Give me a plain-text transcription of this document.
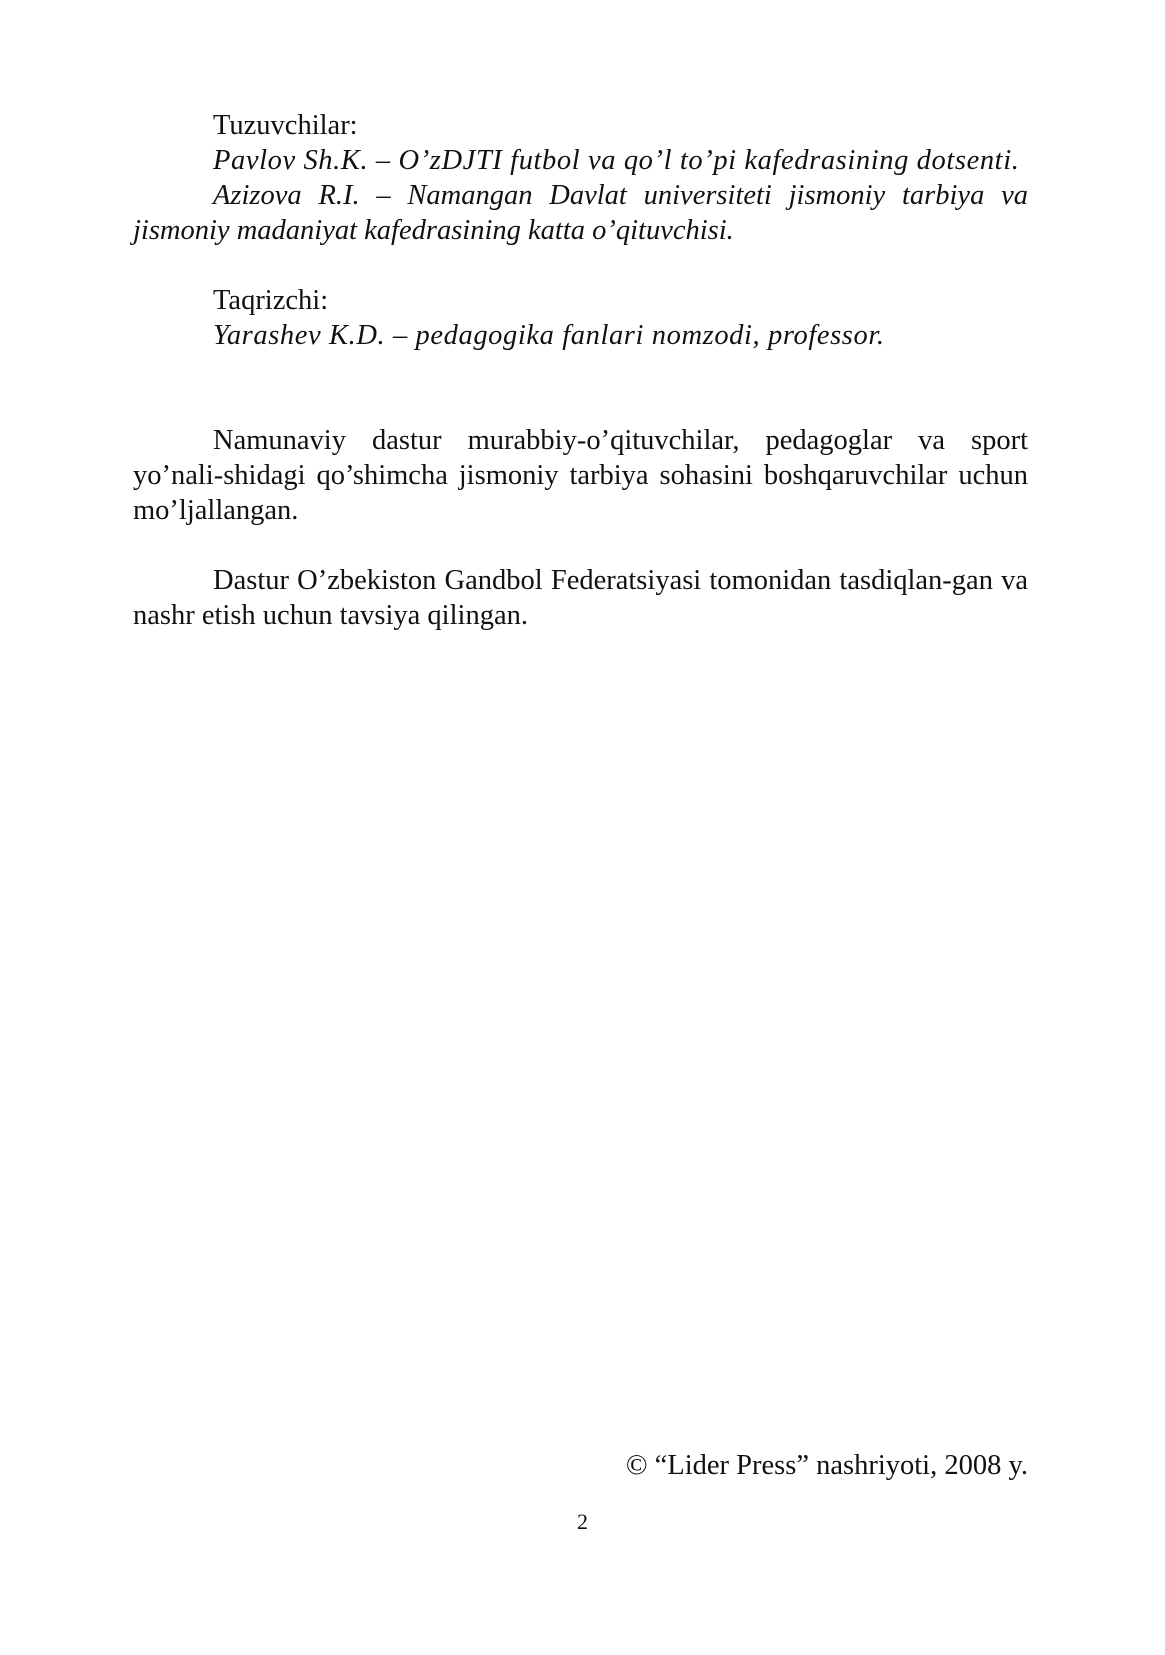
Tuzuvchilar:

Pavlov Sh.K. – O’zDJTI futbol va qo’l to’pi kafedrasining dotsenti.

Azizova R.I. – Namangan Davlat universiteti jismoniy tarbiya va jismoniy madaniyat kafedrasining katta o’qituvchisi.

Taqrizchi:

Yarashev K.D. – pedagogika fanlari nomzodi, professor.

Namunaviy dastur murabbiy-o’qituvchilar, pedagoglar va sport yo’nali-shidagi qo’shimcha jismoniy tarbiya sohasini boshqaruvchilar uchun mo’ljallangan.

Dastur O’zbekiston Gandbol Federatsiyasi tomonidan tasdiqlan-gan va nashr etish uchun tavsiya qilingan.

© “Lider Press” nashriyoti, 2008 y.
2
